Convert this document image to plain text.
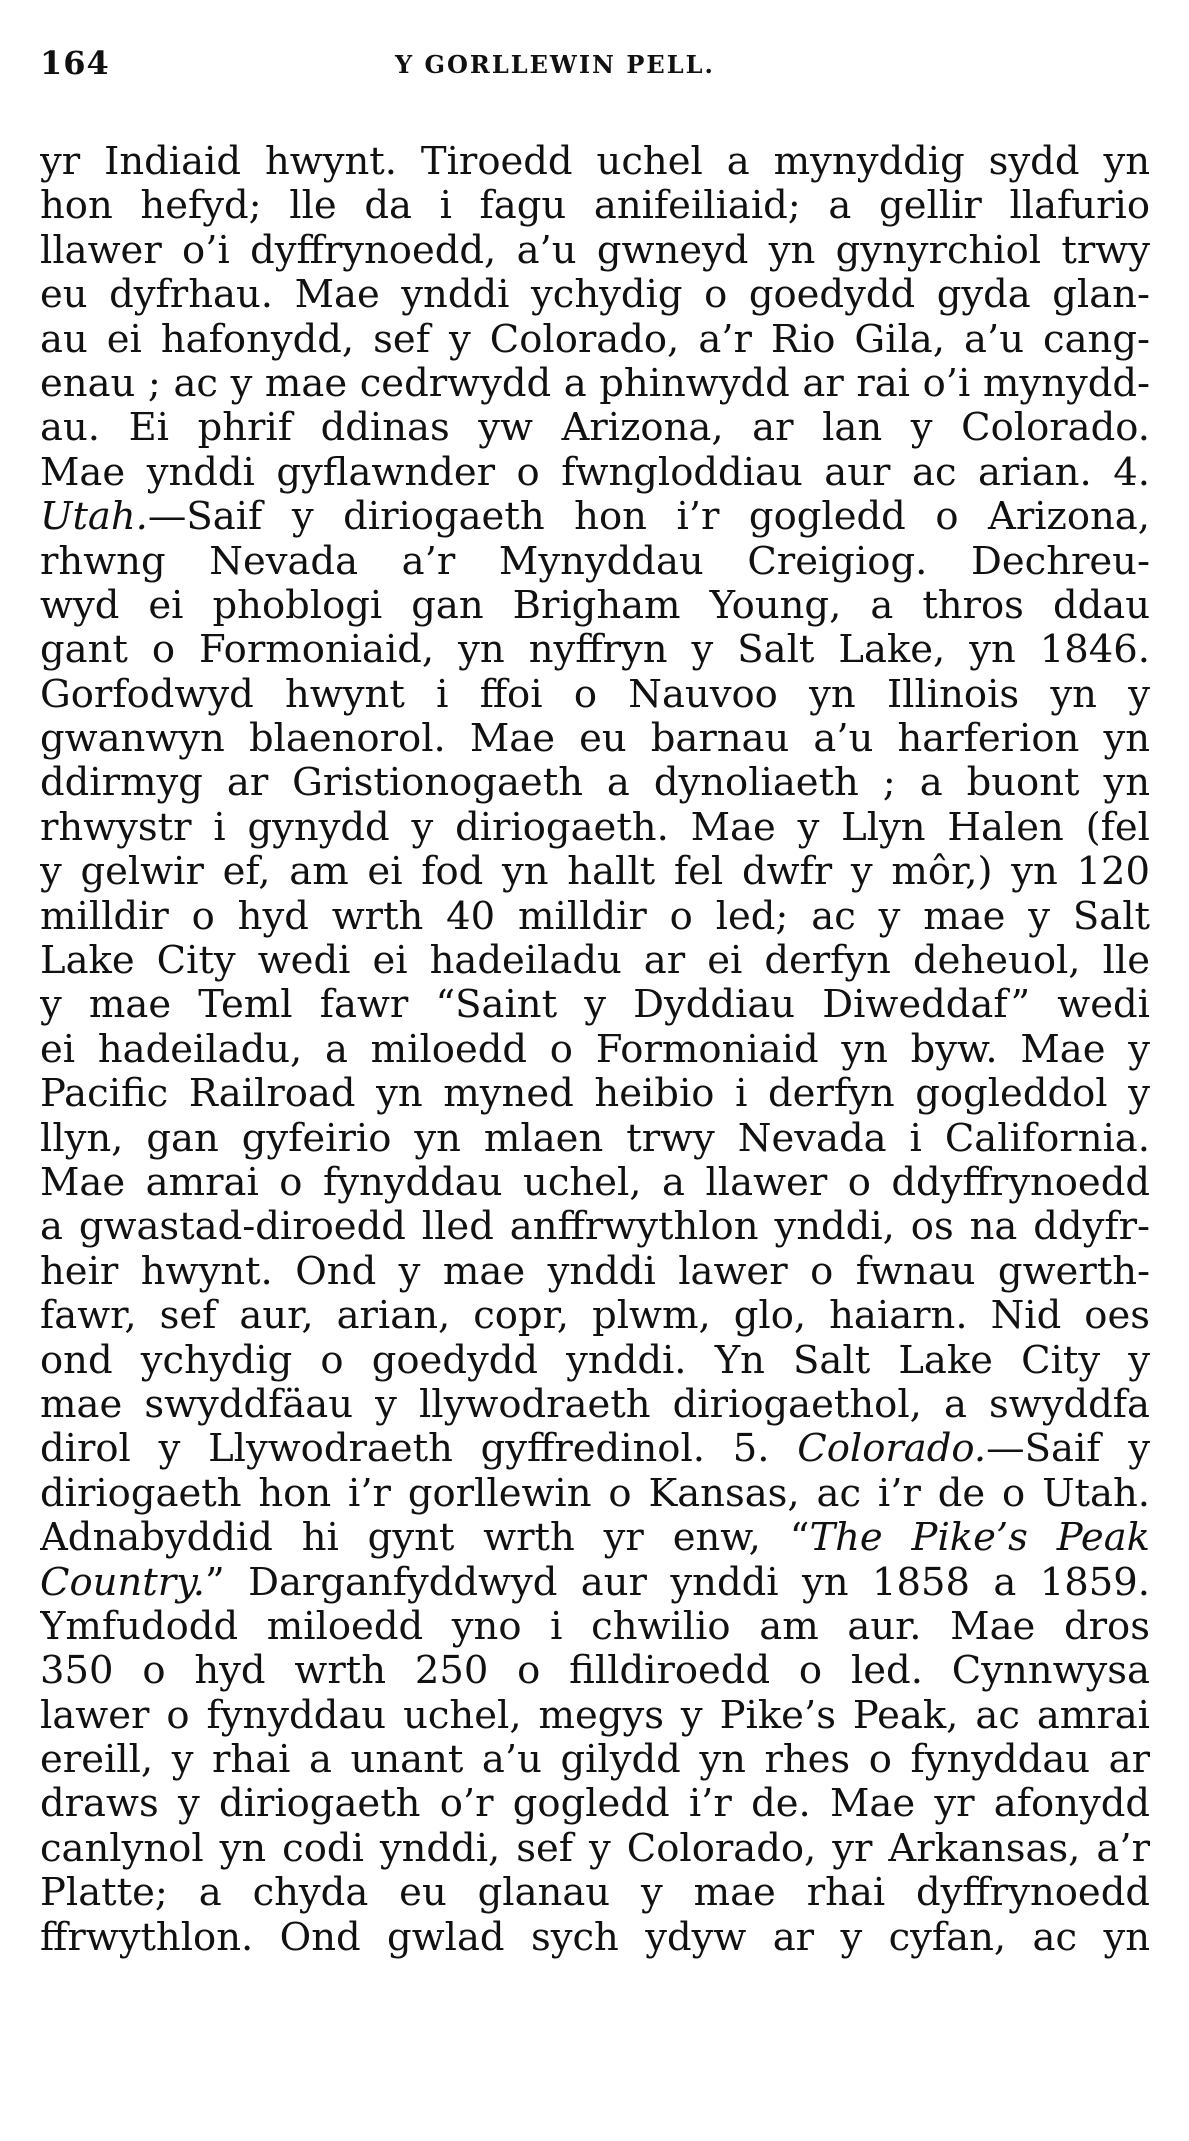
164	Y GORLLEWIN PELL.
yr Indiaid hwynt. Tiroedd uchel a mynyddig sydd yn
hon hefyd; lle da i fagu anifeiliaid; a gellir llafurio
llawer o’i dyffrynoedd, a’u gwneyd yn gynyrchiol trwy
eu dyfrhau. Mae ynddi ychydig o goedydd gyda glan-
au ei hafonydd, sef y Colorado, a’r Rio Gila, a’u cang-
enau ; ac y mae cedrwydd a phinwydd ar rai o’i mynydd-
au. Ei phrif ddinas yw Arizona, ar lan y Colorado.
Mae ynddi gyflawnder o fwngloddiau aur ac arian. 4.
Utah.—Saif y diriogaeth hon i’r gogledd o Arizona,
rhwng Nevada a’r Mynyddau Creigiog. Dechreu-
wyd ei phoblogi gan Brigham Young, a thros ddau
gant o Formoniaid, yn nyffryn y Salt Lake, yn 1846.
Gorfodwyd hwynt i ffoi o Nauvoo yn Illinois yn y
gwanwyn blaenorol. Mae eu barnau a’u harferion yn
ddirmyg ar Gristionogaeth a dynoliaeth ; a buont yn
rhwystr i gynydd y diriogaeth. Mae y Llyn Halen (fel
y gelwir ef, am ei fod yn hallt fel dwfr y môr,) yn 120
milldir o hyd wrth 40 milldir o led; ac y mae y Salt
Lake City wedi ei hadeiladu ar ei derfyn deheuol, lle
y mae Teml fawr “Saint y Dyddiau Diweddaf” wedi
ei hadeiladu, a miloedd o Formoniaid yn byw. Mae y
Pacific Railroad yn myned heibio i derfyn gogleddol y
llyn, gan gyfeirio yn mlaen trwy Nevada i California.
Mae amrai o fynyddau uchel, a llawer o ddyffrynoedd
a gwastad-diroedd lled anffrwythlon ynddi, os na ddyfr-
heir hwynt. Ond y mae ynddi lawer o fwnau gwerth-
fawr, sef aur, arian, copr, plwm, glo, haiarn. Nid oes
ond ychydig o goedydd ynddi. Yn Salt Lake City y
mae swyddfäau y llywodraeth diriogaethol, a swyddfa
dirol y Llywodraeth gyffredinol. 5. Colorado.—Saif y
diriogaeth hon i’r gorllewin o Kansas, ac i’r de o Utah.
Adnabyddid hi gynt wrth yr enw, “The Pike’s Peak
Country.” Darganfyddwyd aur ynddi yn 1858 a 1859.
Ymfudodd miloedd yno i chwilio am aur. Mae dros
350 o hyd wrth 250 o filldiroedd o led. Cynnwysa
lawer o fynyddau uchel, megys y Pike’s Peak, ac amrai
ereill, y rhai a unant a’u gilydd yn rhes o fynyddau ar
draws y diriogaeth o’r gogledd i’r de. Mae yr afonydd
canlynol yn codi ynddi, sef y Colorado, yr Arkansas, a’r
Platte; a chyda eu glanau y mae rhai dyffrynoedd
ffrwythlon. Ond gwlad sych ydyw ar y cyfan, ac yn
